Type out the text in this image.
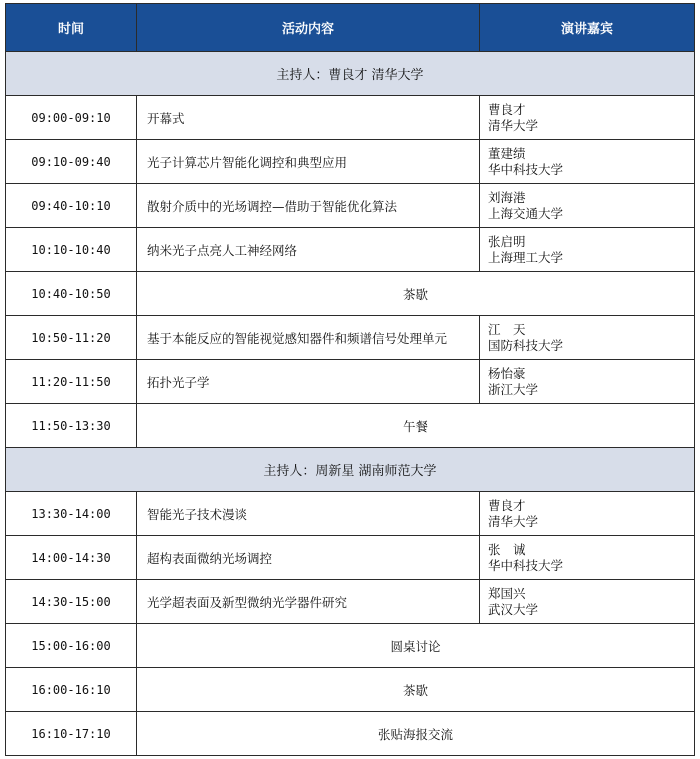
时间	活动内容	演讲嘉宾
主持人：曹良才 清华大学		
09:00-09:10	开幕式	曹良才
清华大学

09:10-09:40	光子计算芯片智能化调控和典型应用	董建绩
华中科技大学

09:40-10:10	散射介质中的光场调控—借助于智能优化算法	刘海港
上海交通大学

10:10-10:40	纳米光子点亮人工神经网络	张启明
上海理工大学

10:40-10:50	茶歇	
10:50-11:20	基于本能反应的智能视觉感知器件和频谱信号处理单元	江　天
国防科技大学

11:20-11:50	拓扑光子学	杨怡豪
浙江大学

11:50-13:30	午餐	
主持人：周新星 湖南师范大学		
13:30-14:00	智能光子技术漫谈	曹良才
清华大学

14:00-14:30	超构表面微纳光场调控	张　诚
华中科技大学

14:30-15:00	光学超表面及新型微纳光学器件研究	郑国兴
武汉大学

15:00-16:00	圆桌讨论	
16:00-16:10	茶歇	
16:10-17:10	张贴海报交流	
